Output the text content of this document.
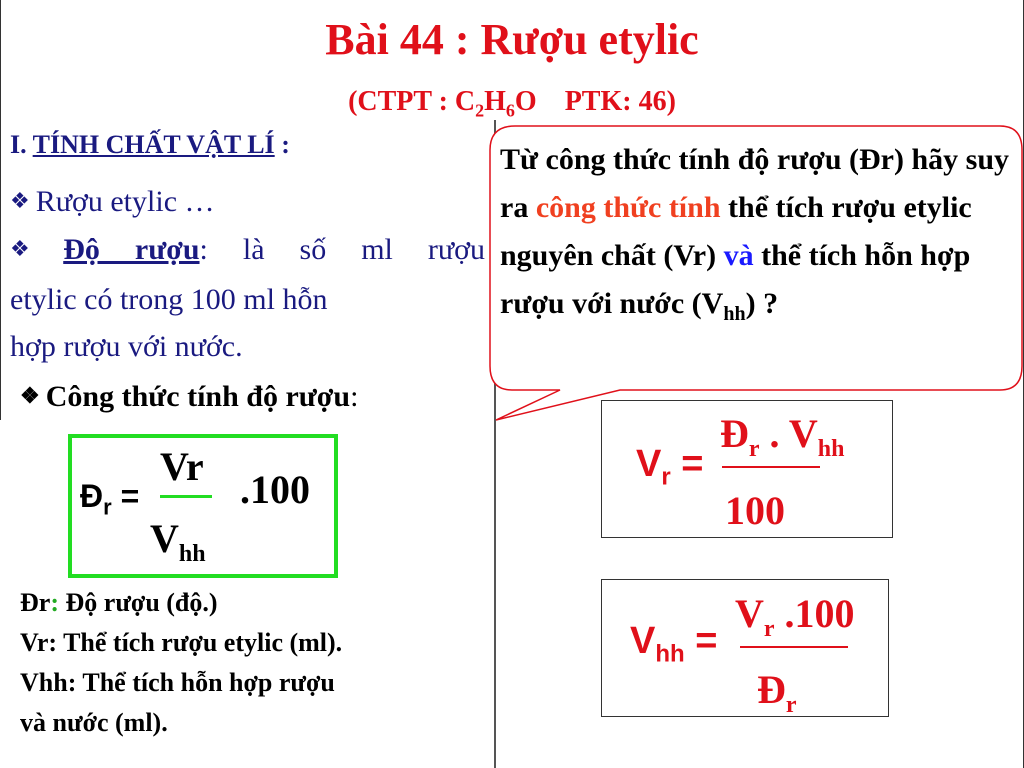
Bài 44 : Rượu etylic
(CTPT : $C_2H_6O$ PTK: 46)
I. TÍNH CHẤT VẬT LÍ :
❖ Rượu etylic …
❖ Độ rượu: là số ml rượu
etylic có trong 100 ml hỗn
hợp rượu với nước.
❖ Công thức tính độ rượu:
$Đ_r$ =
Vr
$V_{hh}$
.100
Đr: Độ rượu (độ.)
Vr: Thể tích rượu etylic (ml).
Vhh: Thể tích hỗn hợp rượu
và nước (ml).
Từ công thức tính độ rượu (Đr) hãy suy ra công thức tính thể tích rượu etylic nguyên chất (Vr) và thể tích hỗn hợp rượu với nước $(V_{hh})$ ?
$V_r$ =
$Đ_r$ . $V_{hh}$
100
$V_{hh}$ =
$V_r$ .100
$Đ_r$
